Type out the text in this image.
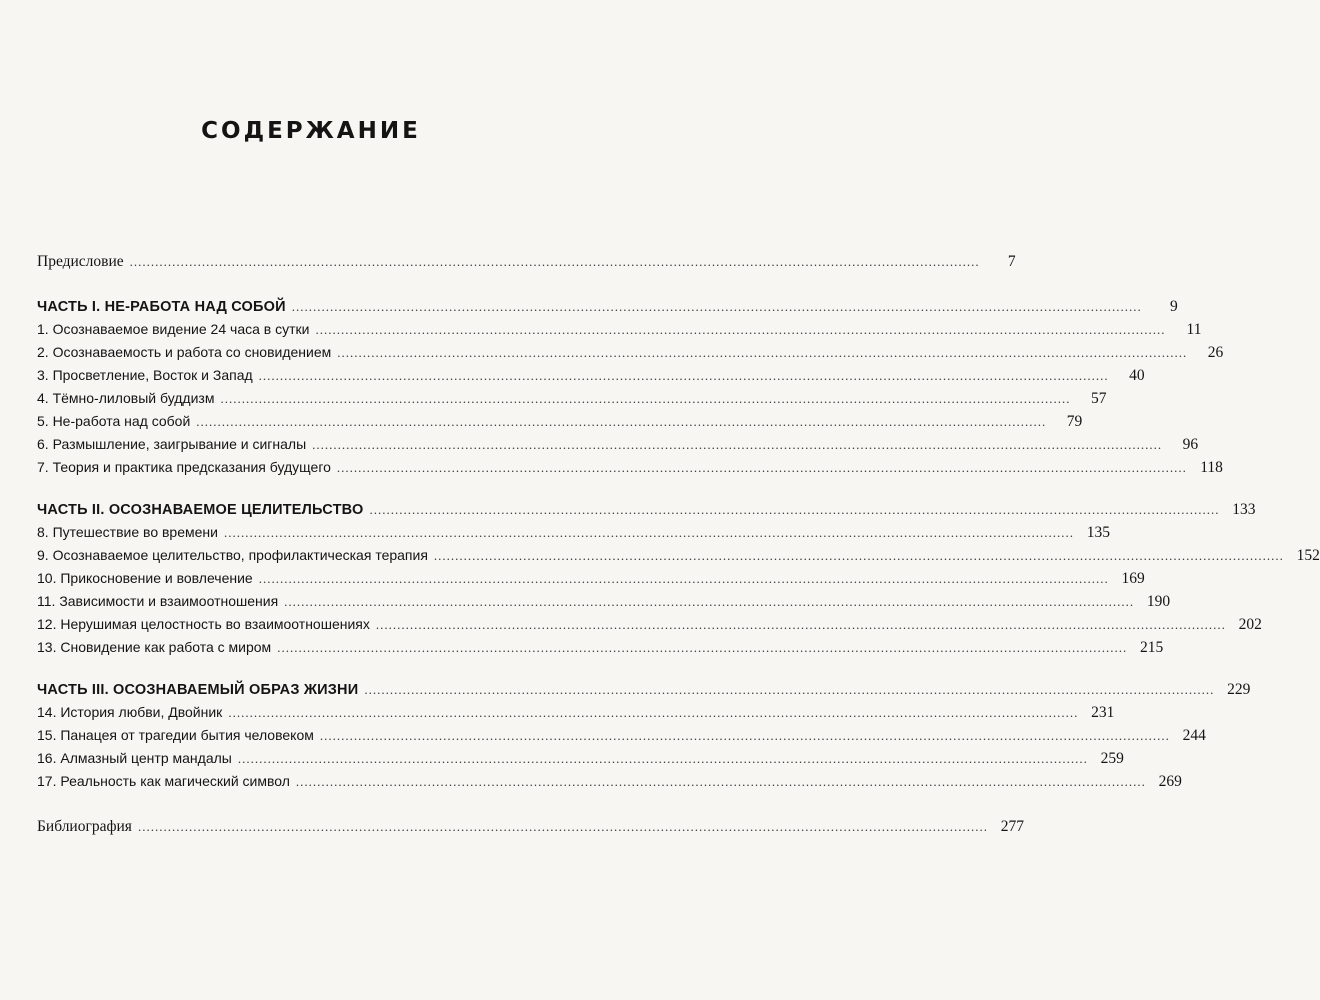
СОДЕРЖАНИЕ
Предисловие ........................................................................................................................................................................................................	7
ЧАСТЬ I. НЕ-РАБОТА НАД СОБОЙ ........................................................................................................................................................................................................	9
1. Осознаваемое видение 24 часа в сутки ........................................................................................................................................................................................................	11
2. Осознаваемость и работа со сновидением ........................................................................................................................................................................................................	26
3. Просветление, Восток и Запад ........................................................................................................................................................................................................	40
4. Тёмно-лиловый буддизм ........................................................................................................................................................................................................	57
5. Не-работа над собой ........................................................................................................................................................................................................	79
6. Размышление, заигрывание и сигналы ........................................................................................................................................................................................................	96
7. Теория и практика предсказания будущего ........................................................................................................................................................................................................ 118
ЧАСТЬ II. ОСОЗНАВАЕМОЕ ЦЕЛИТЕЛЬСТВО ........................................................................................................................................................................................................ 133
8. Путешествие во времени ........................................................................................................................................................................................................ 135
9. Осознаваемое целительство, профилактическая терапия ........................................................................................................................................................................................................ 152
10. Прикосновение и вовлечение ........................................................................................................................................................................................................ 169
11. Зависимости и взаимоотношения ........................................................................................................................................................................................................ 190
12. Нерушимая целостность во взаимоотношениях ........................................................................................................................................................................................................ 202
13. Сновидение как работа с миром ........................................................................................................................................................................................................ 215
ЧАСТЬ III. ОСОЗНАВАЕМЫЙ ОБРАЗ ЖИЗНИ ........................................................................................................................................................................................................ 229
14. История любви, Двойник ........................................................................................................................................................................................................ 231
15. Панацея от трагедии бытия человеком ........................................................................................................................................................................................................ 244
16. Алмазный центр мандалы ........................................................................................................................................................................................................ 259
17. Реальность как магический символ ........................................................................................................................................................................................................ 269
Библиография ........................................................................................................................................................................................................ 277
